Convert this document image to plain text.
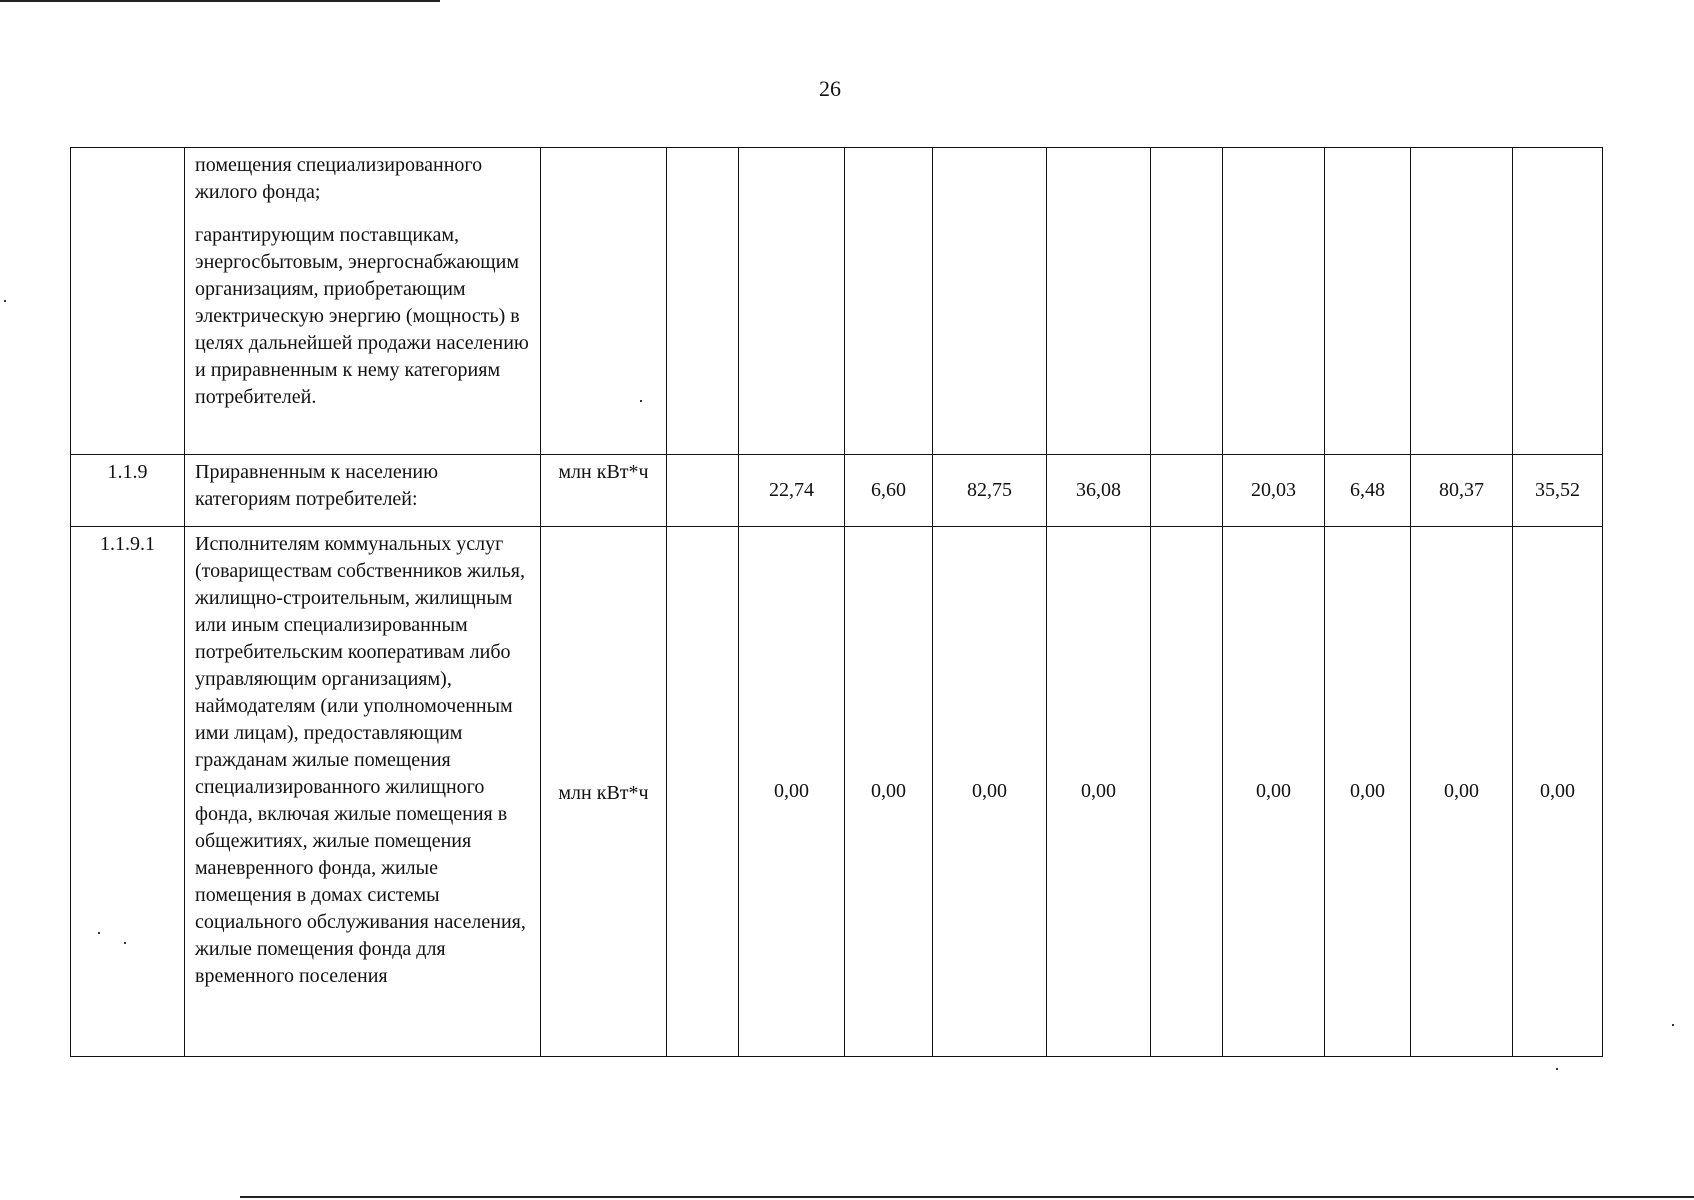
26

	помещения специализированного жилого фонда;

гарантирующим поставщикам, энергосбытовым, энергоснабжающим организациям, приобретающим электрическую энергию (мощность) в целях дальнейшей продажи населению и приравненным к нему категориям потребителей.											

1.1.9	Приравненным к населению категориям потребителей:	млн кВт*ч		22,74	6,60	82,75	36,08		20,03	6,48	80,37	35,52
1.1.9.1	Исполнителям коммунальных услуг (товариществам собственников жилья, жилищно-строительным, жилищным или иным специализированным потребительским кооперативам либо управляющим организациям), наймодателям (или уполномоченным ими лицам), предоставляющим гражданам жилые помещения специализированного жилищного фонда, включая жилые помещения в общежитиях, жилые помещения маневренного фонда, жилые помещения в домах системы социального обслуживания населения, жилые помещения фонда для временного поселения	млн кВт*ч		0,00	0,00	0,00	0,00		0,00	0,00	0,00	0,00
